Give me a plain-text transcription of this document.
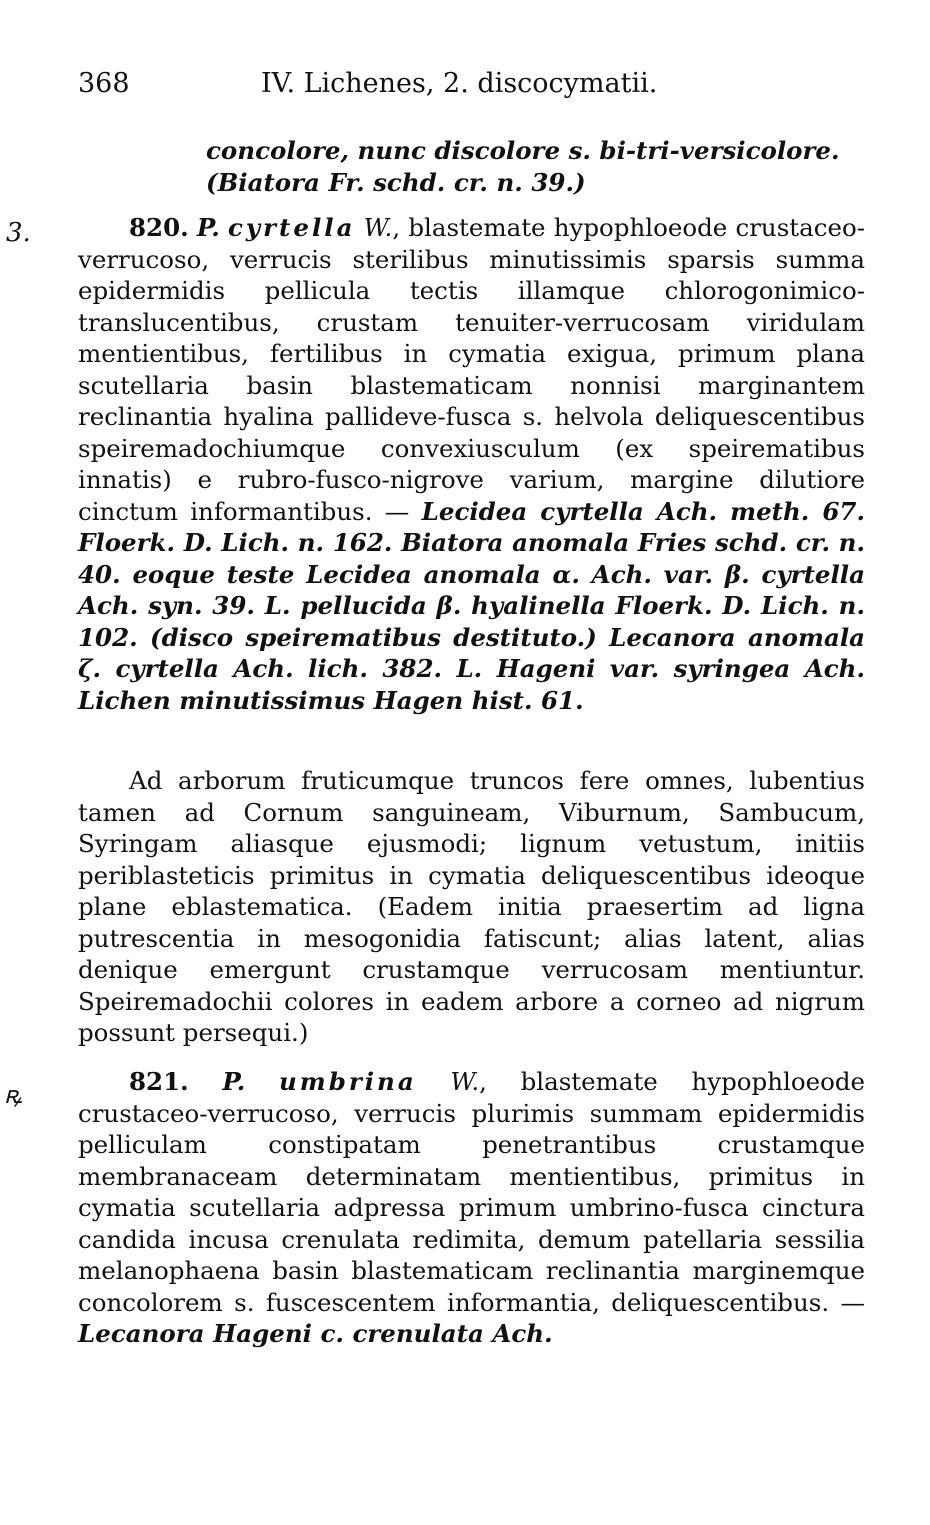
368	IV. Lichenes, 2. discocymatii.
3.
ꝶ
concolore, nunc discolore s. bi-tri-versicolore.
(Biatora Fr. schd. cr. n. 39.)
820. P. cyrtella W., blastemate hypophloeode crustaceo-verrucoso, verrucis sterilibus minutissimis sparsis summa epidermidis pellicula tectis illamque chlorogonimico-translucentibus, crustam tenuiter-verrucosam viridulam mentientibus, fertilibus in cymatia exigua, primum plana scutellaria basin blastematicam nonnisi marginantem reclinantia hyalina pallideve-fusca s. helvola deliquescentibus speiremadochiumque convexiusculum (ex speirematibus innatis) e rubro-fusco-nigrove varium, margine dilutiore cinctum informantibus. — Lecidea cyrtella Ach. meth. 67. Floerk. D. Lich. n. 162. Biatora anomala Fries schd. cr. n. 40. eoque teste Lecidea anomala α. Ach. var. β. cyrtella Ach. syn. 39. L. pellucida β. hyalinella Floerk. D. Lich. n. 102. (disco speirematibus destituto.) Lecanora anomala ζ. cyrtella Ach. lich. 382. L. Hageni var. syringea Ach. Lichen minutissimus Hagen hist. 61.
Ad arborum fruticumque truncos fere omnes, lubentius tamen ad Cornum sanguineam, Viburnum, Sambucum, Syringam aliasque ejusmodi; lignum vetustum, initiis periblasteticis primitus in cymatia deliquescentibus ideoque plane eblastematica. (Eadem initia praesertim ad ligna putrescentia in mesogonidia fatiscunt; alias latent, alias denique emergunt crustamque verrucosam mentiuntur. Speiremadochii colores in eadem arbore a corneo ad nigrum possunt persequi.)
821. P. umbrina W., blastemate hypophloeode crustaceo-verrucoso, verrucis plurimis summam epidermidis pelliculam constipatam penetrantibus crustamque membranaceam determinatam mentientibus, primitus in cymatia scutellaria adpressa primum umbrino-fusca cinctura candida incusa crenulata redimita, demum patellaria sessilia melanophaena basin blastematicam reclinantia marginemque concolorem s. fuscescentem informantia, deliquescentibus. — Lecanora Hageni c. crenulata Ach.
